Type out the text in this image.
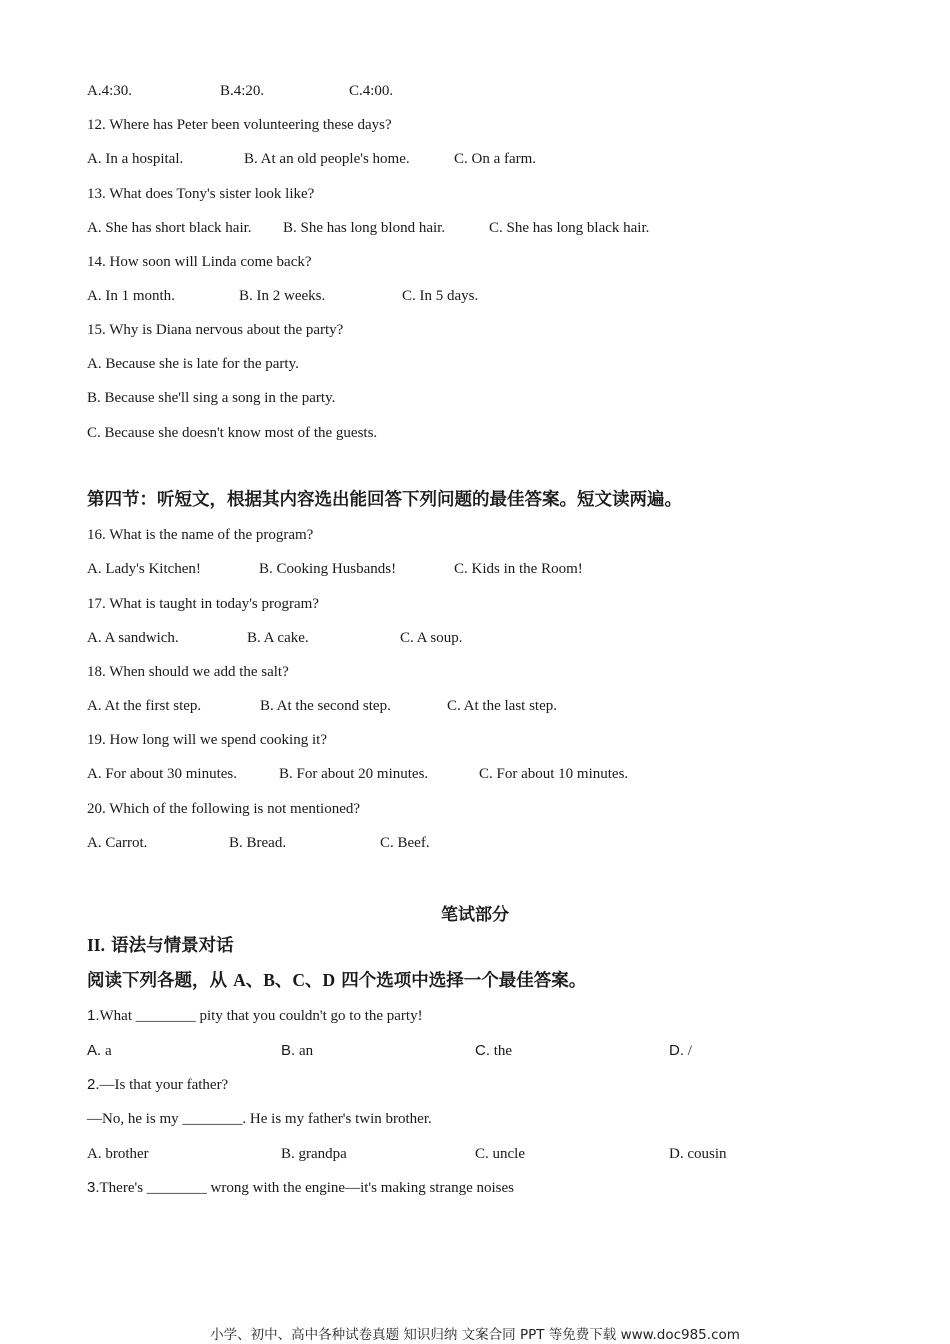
A.4:30.	B.4:20.	C.4:00.
12. Where has Peter been volunteering these days?
A. In a hospital.	B. At an old people's home.	C. On a farm.
13. What does Tony's sister look like?
A. She has short black hair. B. She has long blond hair.	C. She has long black hair.
14. How soon will Linda come back?
A. In 1 month.	B. In 2 weeks.	C. In 5 days.
15. Why is Diana nervous about the party?
A. Because she is late for the party.
B. Because she'll sing a song in the party.
C. Because she doesn't know most of the guests.
第四节：听短文，根据其内容选出能回答下列问题的最佳答案。短文读两遍。
16. What is the name of the program?
A. Lady's Kitchen!	B. Cooking Husbands!	C. Kids in the Room!
17. What is taught in today's program?
A. A sandwich.	B. A cake.	C. A soup.
18. When should we add the salt?
A. At the first step.	B. At the second step.	C. At the last step.
19. How long will we spend cooking it?
A. For about 30 minutes.	B. For about 20 minutes.	C. For about 10 minutes.
20. Which of the following is not mentioned?
A. Carrot.	B. Bread.	C. Beef.
笔试部分
II. 语法与情景对话
阅读下列各题，从 A、B、C、D 四个选项中选择一个最佳答案。
1.What ________ pity that you couldn't go to the party!
A. a	B. an	C. the	D. /
2.—Is that your father?
—No, he is my ________. He is my father's twin brother.
A. brother	B. grandpa	C. uncle	D. cousin
3.There's ________ wrong with the engine—it's making strange noises
小学、初中、高中各种试卷真题 知识归纳 文案合同 PPT 等免费下载 www.doc985.com
